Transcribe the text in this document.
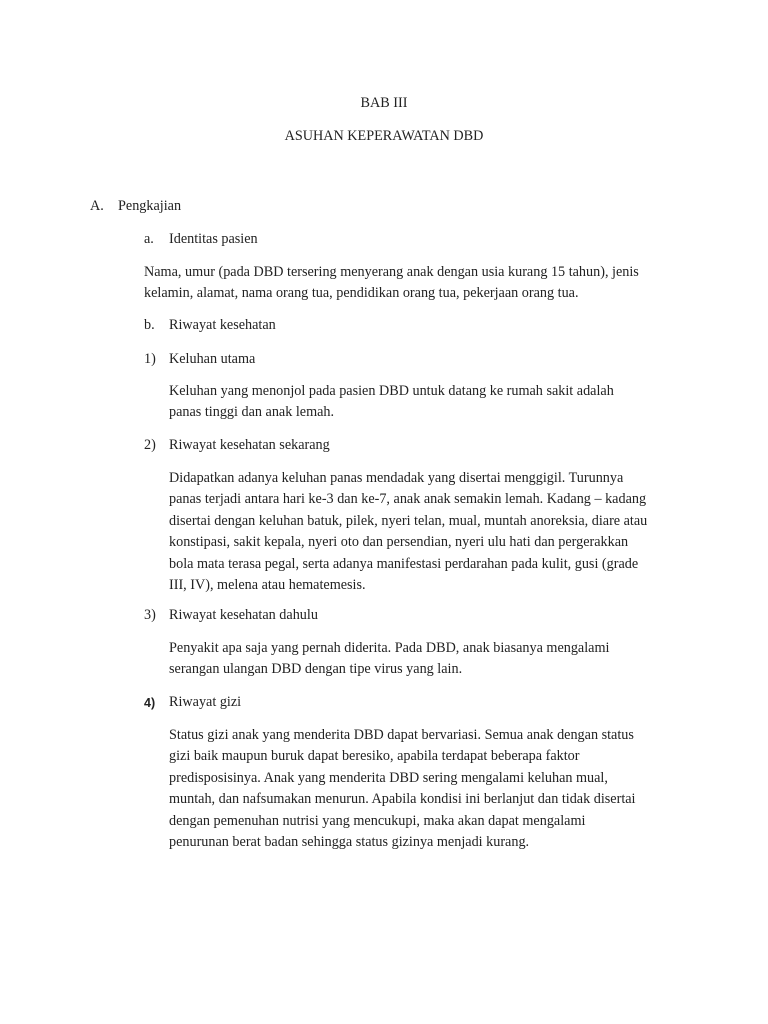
BAB III
ASUHAN KEPERAWATAN DBD
A. Pengkajian
a. Identitas pasien
Nama, umur (pada DBD tersering menyerang anak dengan usia kurang 15 tahun), jenis
kelamin, alamat, nama orang tua, pendidikan orang tua, pekerjaan orang tua.
b. Riwayat kesehatan
1) Keluhan utama
Keluhan yang menonjol pada pasien DBD untuk datang ke rumah sakit adalah
panas tinggi dan anak lemah.
2) Riwayat kesehatan sekarang
Didapatkan adanya keluhan panas mendadak yang disertai menggigil. Turunnya
panas terjadi antara hari ke-3 dan ke-7, anak anak semakin lemah. Kadang – kadang
disertai dengan keluhan batuk, pilek, nyeri telan, mual, muntah anoreksia, diare atau
konstipasi, sakit kepala, nyeri oto dan persendian, nyeri ulu hati dan pergerakkan
bola mata terasa pegal, serta adanya manifestasi perdarahan pada kulit, gusi (grade
III, IV), melena atau hematemesis.
3) Riwayat kesehatan dahulu
Penyakit apa saja yang pernah diderita. Pada DBD, anak biasanya mengalami
serangan ulangan DBD dengan tipe virus yang lain.
4) Riwayat gizi
Status gizi anak yang menderita DBD dapat bervariasi. Semua anak dengan status
gizi baik maupun buruk dapat beresiko, apabila terdapat beberapa faktor
predisposisinya. Anak yang menderita DBD sering mengalami keluhan mual,
muntah, dan nafsumakan menurun. Apabila kondisi ini berlanjut dan tidak disertai
dengan pemenuhan nutrisi yang mencukupi, maka akan dapat mengalami
penurunan berat badan sehingga status gizinya menjadi kurang.
